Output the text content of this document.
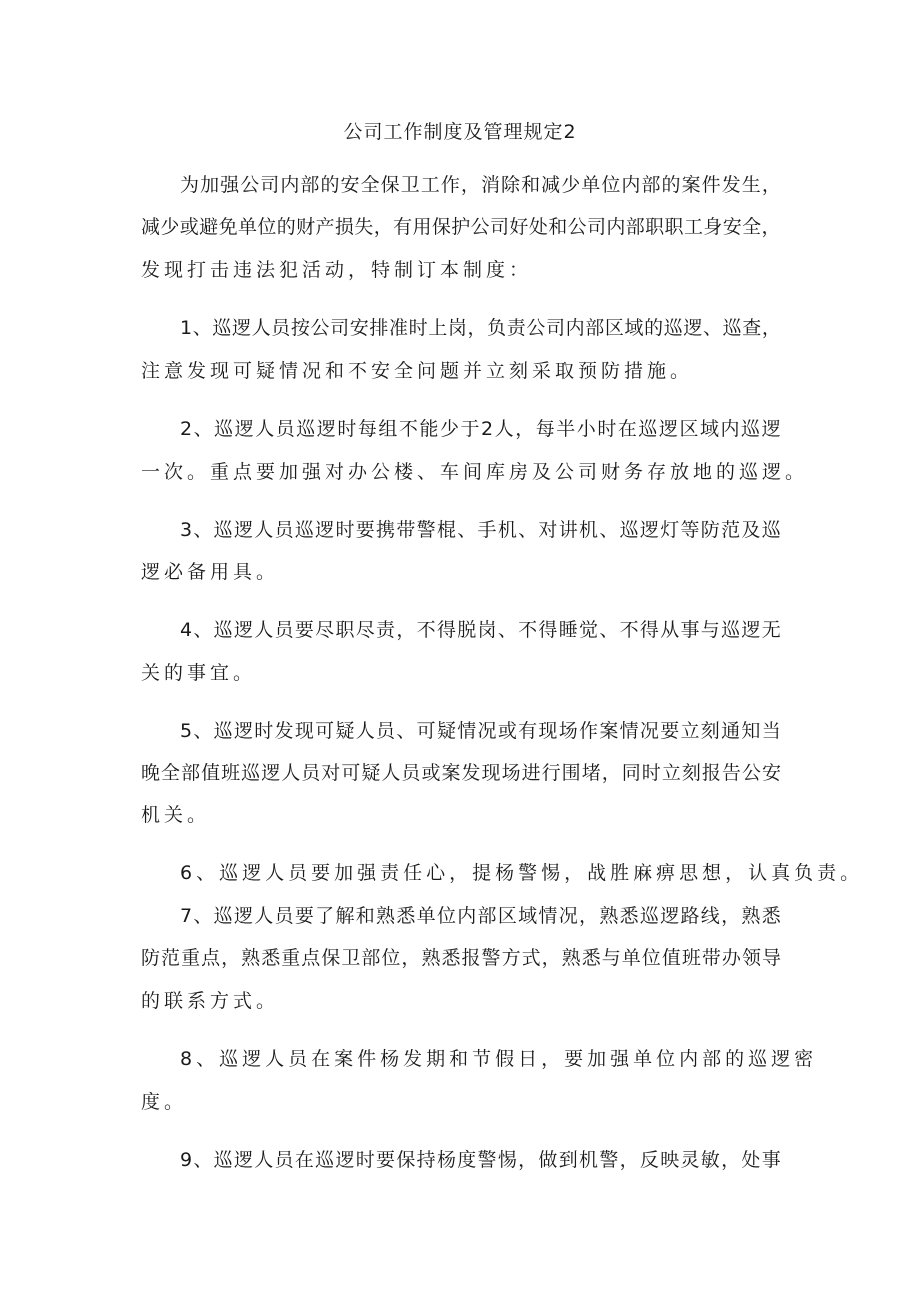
公司工作制度及管理规定2
为 加 强 公 司 内 部 的 安 全 保 卫 工 作 ， 消 除 和 减 少 单 位 内 部 的 案 件 发 生 ，
减 少 或 避 免 单 位 的 财 产 损 失 ， 有 用 保 护 公 司 好 处 和 公 司 内 部 职 职 工 身 安 全 ，
发现打击违法犯活动，特制订本制度：
1 、 巡 逻 人 员 按 公 司 安 排 准 时 上 岗 ， 负 责 公 司 内 部 区 域 的 巡 逻 、 巡 查 ，
注意发现可疑情况和不安全问题并立刻采取预防措施。
2 、 巡 逻 人 员 巡 逻 时 每 组 不 能 少 于 2 人 ， 每 半 小 时 在 巡 逻 区 域 内 巡 逻
一次。重点要加强对办公楼、车间库房及公司财务存放地的巡逻。
3 、 巡 逻 人 员 巡 逻 时 要 携 带 警 棍 、 手 机 、 对 讲 机 、 巡 逻 灯 等 防 范 及 巡
逻必备用具。
4 、 巡 逻 人 员 要 尽 职 尽 责 ， 不 得 脱 岗 、 不 得 睡 觉 、 不 得 从 事 与 巡 逻 无
关的事宜。
5 、 巡 逻 时 发 现 可 疑 人 员 、 可 疑 情 况 或 有 现 场 作 案 情 况 要 立 刻 通 知 当
晚 全 部 值 班 巡 逻 人 员 对 可 疑 人 员 或 案 发 现 场 进 行 围 堵 ， 同 时 立 刻 报 告 公 安
机关。
6、巡逻人员要加强责任心，提杨警惕，战胜麻痹思想，认真负责。
7 、 巡 逻 人 员 要 了 解 和 熟 悉 单 位 内 部 区 域 情 况 ， 熟 悉 巡 逻 路 线 ， 熟 悉
防 范 重 点 ， 熟 悉 重 点 保 卫 部 位 ， 熟 悉 报 警 方 式 ， 熟 悉 与 单 位 值 班 带 办 领 导
的联系方式。
8、巡逻人员在案件杨发期和节假日，要加强单位内部的巡逻密
度。
9 、 巡 逻 人 员 在 巡 逻 时 要 保 持 杨 度 警 惕 ， 做 到 机 警 ， 反 映 灵 敏 ， 处 事
